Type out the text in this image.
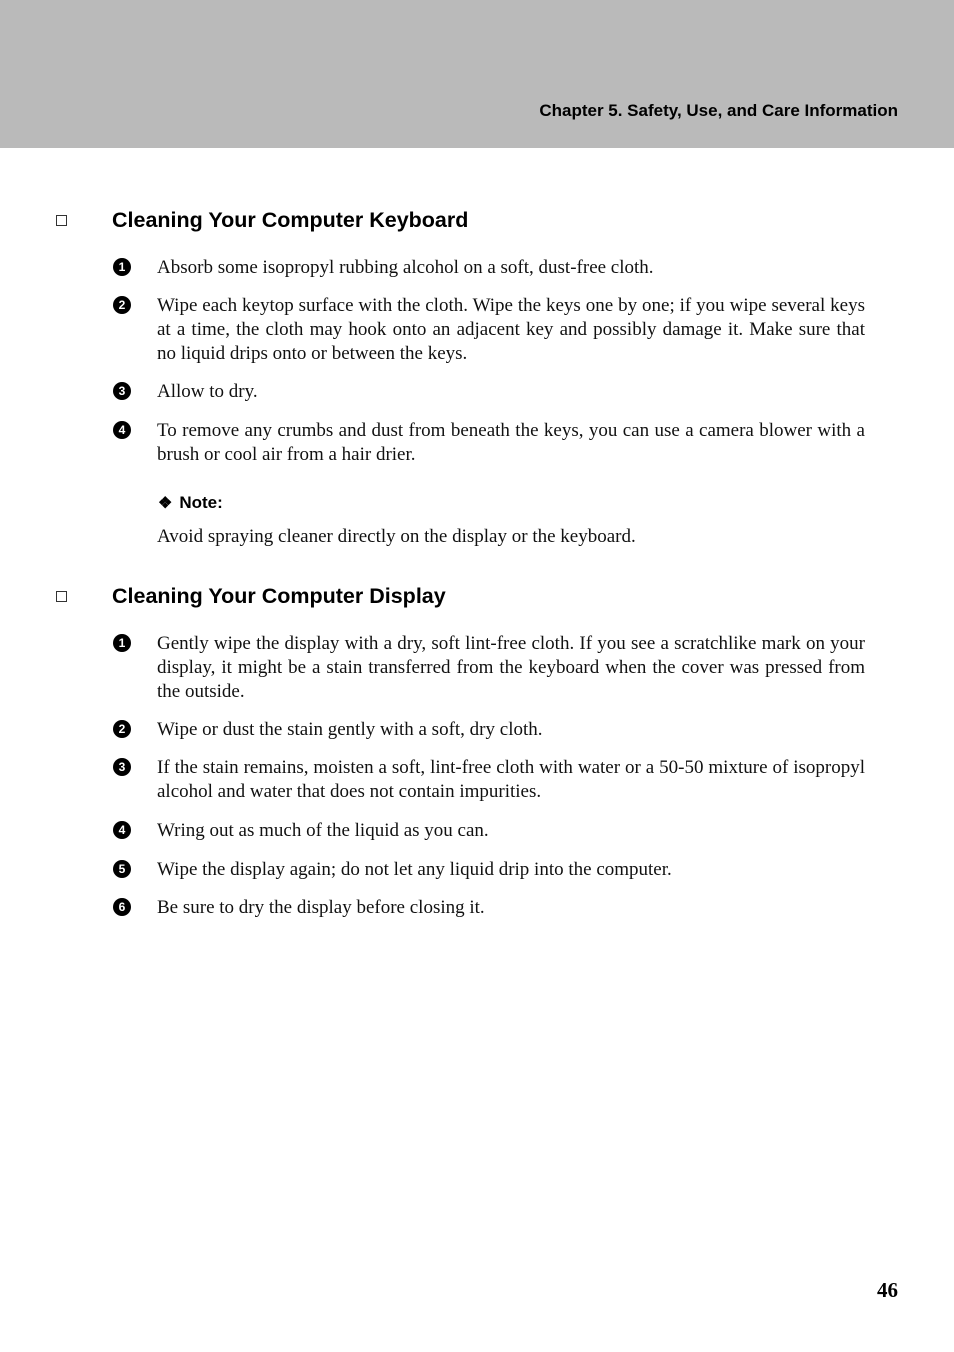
Chapter 5. Safety, Use, and Care Information
Cleaning Your Computer Keyboard
1 Absorb some isopropyl rubbing alcohol on a soft, dust-free cloth.
2 Wipe each keytop surface with the cloth. Wipe the keys one by one; if you wipe several keys at a time, the cloth may hook onto an adjacent key and possibly damage it. Make sure that no liquid drips onto or between the keys.
3 Allow to dry.
4 To remove any crumbs and dust from beneath the keys, you can use a camera blower with a brush or cool air from a hair drier.
❖ Note:
Avoid spraying cleaner directly on the display or the keyboard.
Cleaning Your Computer Display
1 Gently wipe the display with a dry, soft lint-free cloth. If you see a scratchlike mark on your display, it might be a stain transferred from the keyboard when the cover was pressed from the outside.
2 Wipe or dust the stain gently with a soft, dry cloth.
3 If the stain remains, moisten a soft, lint-free cloth with water or a 50-50 mixture of isopropyl alcohol and water that does not contain impurities.
4 Wring out as much of the liquid as you can.
5 Wipe the display again; do not let any liquid drip into the computer.
6 Be sure to dry the display before closing it.
46
